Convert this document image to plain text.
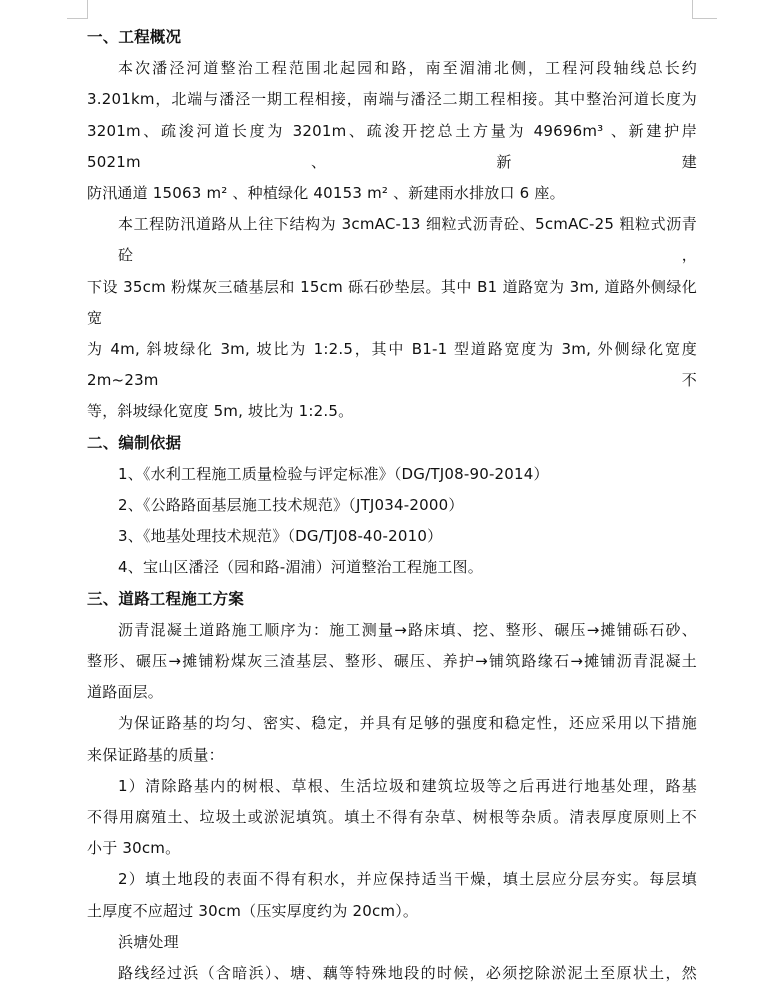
一、工程概况
本次潘泾河道整治工程范围北起园和路，南至湄浦北侧，工程河段轴线总长约
3.201km，北端与潘泾一期工程相接，南端与潘泾二期工程相接。其中整治河道长度为
3201m、疏浚河道长度为 3201m、疏浚开挖总土方量为 49696m³ 、新建护岸 5021m、新建
防汛通道 15063 m² 、种植绿化 40153 m² 、新建雨水排放口 6 座。
本工程防汛道路从上往下结构为 3cmAC-13 细粒式沥青砼、5cmAC-25 粗粒式沥青砼，
下设 35cm 粉煤灰三碴基层和 15cm 砾石砂垫层。其中 B1 道路宽为 3m, 道路外侧绿化宽
为 4m, 斜坡绿化 3m, 坡比为 1:2.5，其中 B1-1 型道路宽度为 3m, 外侧绿化宽度 2m~23m 不
等，斜坡绿化宽度 5m, 坡比为 1:2.5。
二、编制依据
1、《水利工程施工质量检验与评定标准》（DG/TJ08-90-2014）
2、《公路路面基层施工技术规范》（JTJ034-2000）
3、《地基处理技术规范》（DG/TJ08-40-2010）
4、宝山区潘泾（园和路-湄浦）河道整治工程施工图。
三、道路工程施工方案
沥青混凝土道路施工顺序为：施工测量→路床填、挖、整形、碾压→摊铺砾石砂、
整形、碾压→摊铺粉煤灰三渣基层、整形、碾压、养护→铺筑路缘石→摊铺沥青混凝土
道路面层。
为保证路基的均匀、密实、稳定，并具有足够的强度和稳定性，还应采用以下措施
来保证路基的质量：
1）清除路基内的树根、草根、生活垃圾和建筑垃圾等之后再进行地基处理，路基
不得用腐殖土、垃圾土或淤泥填筑。填土不得有杂草、树根等杂质。清表厚度原则上不
小于 30cm。
2）填土地段的表面不得有积水，并应保持适当干燥，填土层应分层夯实。每层填
土厚度不应超过 30cm（压实厚度约为 20cm）。
浜塘处理
路线经过浜（含暗浜）、塘、藕等特殊地段的时候，必须挖除淤泥土至原状土，然
